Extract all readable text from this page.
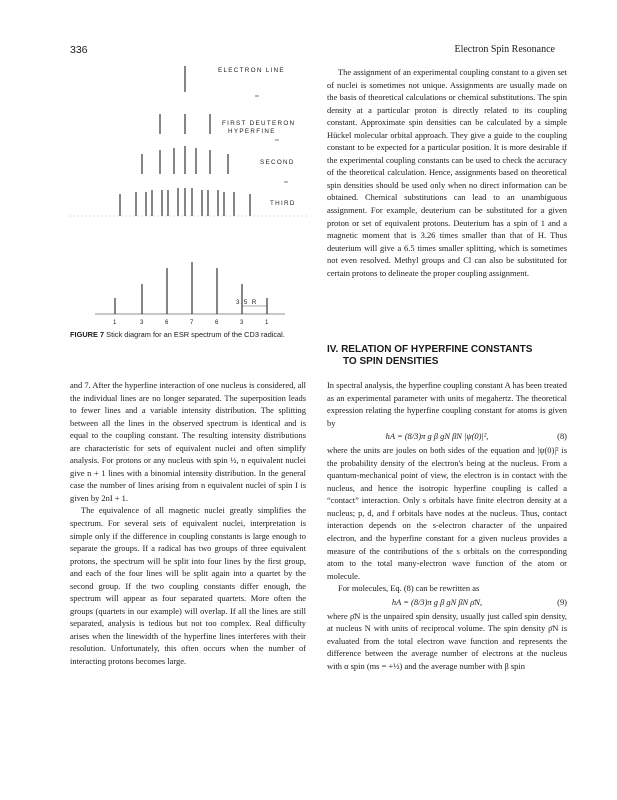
336	Electron Spin Resonance
ELECTRON LINE
FIRST DEUTERON
HYPERFINE
SECOND
THIRD
3.5 R
1	3	6	7	6	3	1
FIGURE 7 Stick diagram for an ESR spectrum of the CD3 radical.

The assignment of an experimental coupling constant to a given set of nuclei is sometimes not unique. Assignments are usually made on the basis of theoretical calculations or chemical substitutions. The spin density at a particular proton is directly related to its coupling constant. Approximate spin densities can be calculated by a simple Hückel molecular orbital approach. They give a guide to the coupling constant to be expected for a particular position. It is more desirable if the experimental coupling constants can be used to check the accuracy of the theoretical calculation. Hence, assignments based on theoretical spin densities should be used only when no direct information can be obtained. Chemical substitutions can lead to an unambiguous assignment. For example, deuterium can be substituted for a given proton or set of equivalent protons. Deuterium has a spin of 1 and a magnetic moment that is 3.26 times smaller than that of H. Thus deuterium will give a 6.5 times smaller splitting, which is sometimes not even resolved. Methyl groups and Cl can also be substituted for certain protons to delineate the proper coupling assignment.

IV. RELATION OF HYPERFINE CONSTANTS
TO SPIN DENSITIES

and 7. After the hyperfine interaction of one nucleus is considered, all the individual lines are no longer separated. The superposition leads to fewer lines and a variable intensity distribution. The splitting between all the lines in the observed spectrum is identical and is equal to the coupling constant. The resulting intensity distributions are characteristic for sets of equivalent nuclei and often simplify analysis. For protons or any nucleus with spin ½, n equivalent nuclei give n + 1 lines with a binomial intensity distribution. In the general case the number of lines arising from n equivalent nuclei of spin I is given by 2nI + 1.

The equivalence of all magnetic nuclei greatly simplifies the spectrum. For several sets of equivalent nuclei, interpretation is simple only if the difference in coupling constants is large enough to separate the groups. If a radical has two groups of three equivalent protons, the spectrum will be split into four lines by the first group, and each of the four lines will be split again into a quartet by the second group. If the two coupling constants differ enough, the spectrum will appear as four separated quartets. More often the groups (quartets in our example) will overlap. If all the lines are still separated, analysis is tedious but not too complex. Real difficulty arises when the linewidth of the hyperfine lines interferes with their resolution. Unfortunately, this often occurs when the number of interacting protons becomes large.

In spectral analysis, the hyperfine coupling constant A has been treated as an experimental parameter with units of megahertz. The theoretical expression relating the hyperfine coupling constant for atoms is given by

hA = (8/3)π g β gN βN |ψ(0)|²,	(8)

where the units are joules on both sides of the equation and |ψ(0)|² is the probability density of the electron's being at the nucleus. From a quantum-mechanical point of view, the electron is in contact with the nucleus, and hence the isotropic hyperfine coupling is called a “contact” interaction. Only s orbitals have finite electron density at a nucleus; p, d, and f orbitals have nodes at the nucleus. Thus, contact interaction depends on the s-electron character of the unpaired electron, and the hyperfine constant for a given nucleus provides a measure of the contributions of the s orbitals on the corresponding atom to the total many-electron wave function of the atom or molecule.

For molecules, Eq. (8) can be rewritten as

hA = (8/3)π g β gN βN ρ̄N,	(9)

where ρ̄N is the unpaired spin density, usually just called spin density, at nucleus N with units of reciprocal volume. The spin density ρ̄N is evaluated from the total electron wave function and represents the difference between the average number of electrons at the nucleus with α spin (ms = +½) and the average number with β spin
